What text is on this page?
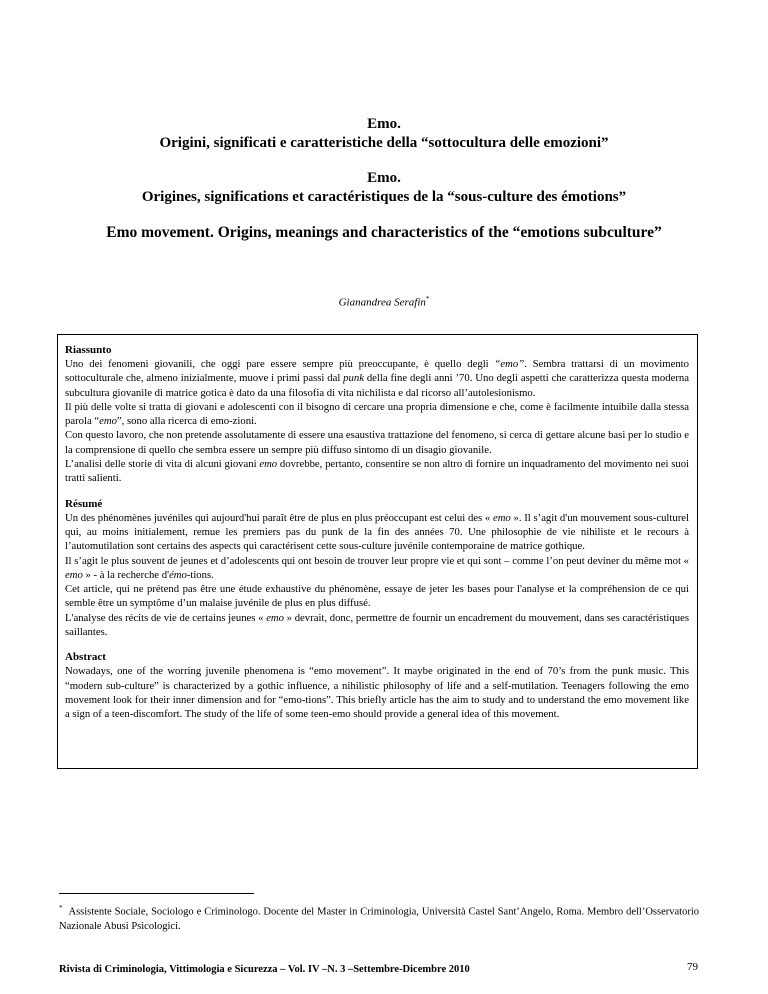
Emo.
Origini, significati e caratteristiche della “sottocultura delle emozioni”
Emo.
Origines, significations et caractéristiques de la “sous-culture des émotions”
Emo movement. Origins, meanings and characteristics of the “emotions subculture”
Gianandrea Serafin*
Riassunto

Uno dei fenomeni giovanili, che oggi pare essere sempre più preoccupante, è quello degli “emo”. Sembra trattarsi di un movimento sottoculturale che, almeno inizialmente, muove i primi passi dal punk della fine degli anni ’70. Uno degli aspetti che caratterizza questa moderna subcultura giovanile di matrice gotica è dato da una filosofia di vita nichilista e dal ricorso all’autolesionismo.

Il più delle volte si tratta di giovani e adolescenti con il bisogno di cercare una propria dimensione e che, come è facilmente intuibile dalla stessa parola “emo”, sono alla ricerca di emo-zioni.

Con questo lavoro, che non pretende assolutamente di essere una esaustiva trattazione del fenomeno, si cerca di gettare alcune basi per lo studio e la comprensione di quello che sembra essere un sempre più diffuso sintomo di un disagio giovanile.

L’analisi delle storie di vita di alcuni giovani emo dovrebbe, pertanto, consentire se non altro di fornire un inquadramento del movimento nei suoi tratti salienti.

Résumé

Un des phénomènes juvéniles qui aujourd'hui paraît être de plus en plus préoccupant est celui des « emo ». Il s’agit d'un mouvement sous-culturel qui, au moins initialement, remue les premiers pas du punk de la fin des années 70. Une philosophie de vie nihiliste et le recours à l’automutilation sont certains des aspects qui caractérisent cette sous-culture juvénile contemporaine de matrice gothique.

Il s’agit le plus souvent de jeunes et d’adolescents qui ont besoin de trouver leur propre vie et qui sont – comme l’on peut deviner du même mot « emo » - à la recherche d'émo-tions.

Cet article, qui ne prétend pas être une étude exhaustive du phénomène, essaye de jeter les bases pour l'analyse et la compréhension de ce qui semble être un symptôme d’un malaise juvénile de plus en plus diffusé.

L'analyse des récits de vie de certains jeunes « emo » devrait, donc, permettre de fournir un encadrement du mouvement, dans ses caractéristiques saillantes.

Abstract

Nowadays, one of the worring juvenile phenomena is “emo movement”. It maybe originated in the end of 70’s from the punk music. This “modern sub-culture” is characterized by a gothic influence, a nihilistic philosophy of life and a self-mutilation. Teenagers following the emo movement look for their inner dimension and for “emo-tions”. This briefly article has the aim to study and to understand the emo movement like a sign of a teen-discomfort. The study of the life of some teen-emo should provide a general idea of this movement.

* Assistente Sociale, Sociologo e Criminologo. Docente del Master in Criminologia, Università Castel Sant’Angelo, Roma. Membro dell’Osservatorio Nazionale Abusi Psicologici.
Rivista di Criminologia, Vittimologia e Sicurezza – Vol. IV –N. 3 –Settembre-Dicembre 2010	79
